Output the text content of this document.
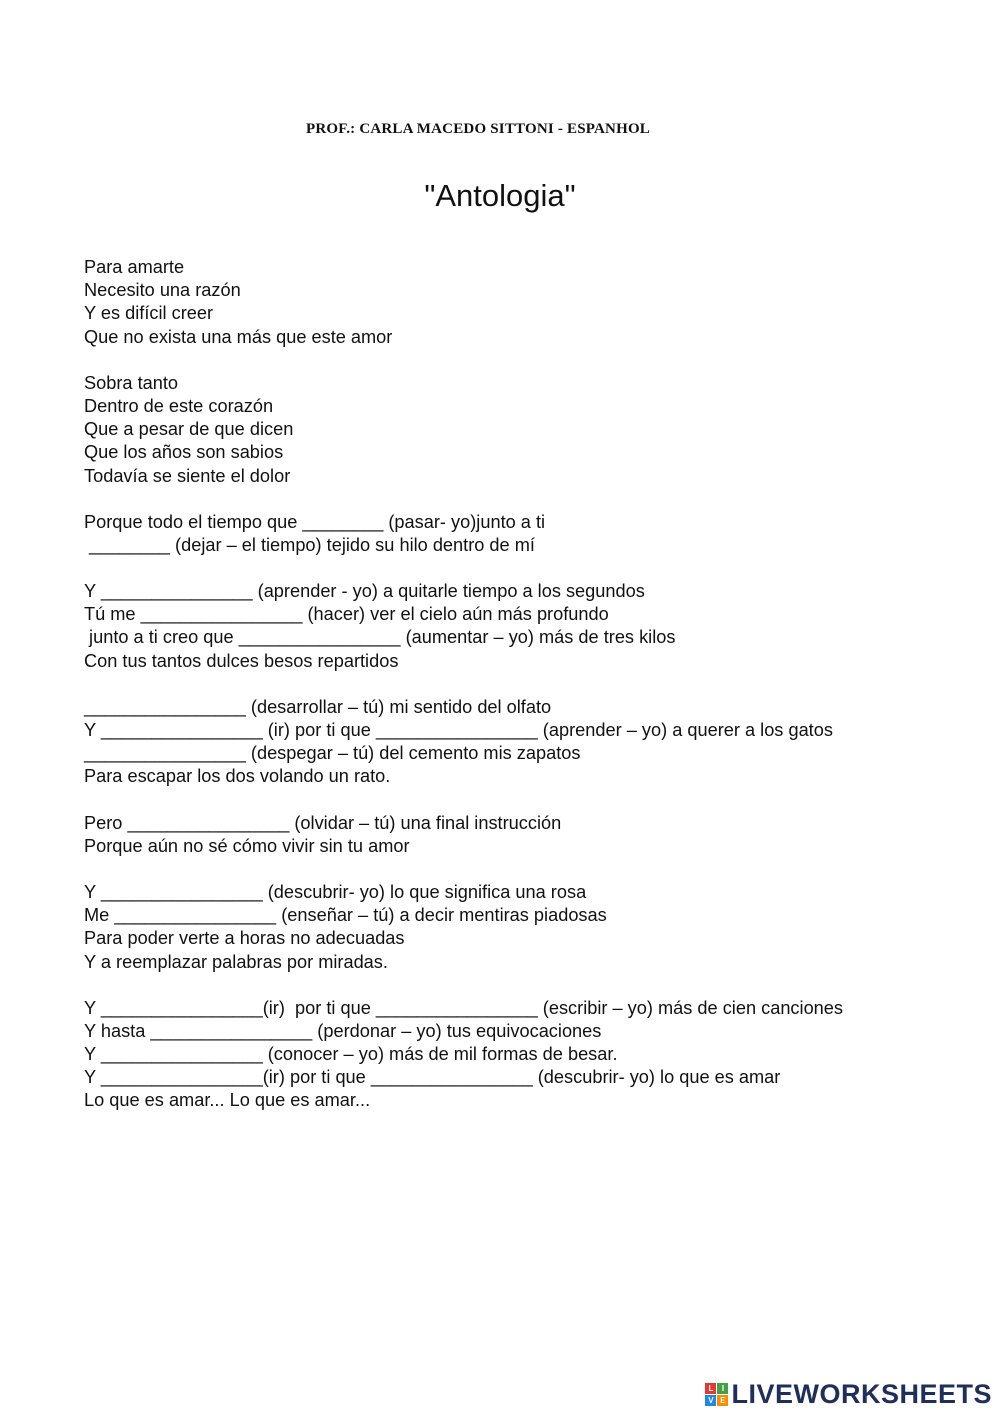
PROF.: CARLA MACEDO SITTONI - ESPANHOL
"Antologia"
Para amarte
Necesito una razón
Y es difícil creer
Que no exista una más que este amor
Sobra tanto
Dentro de este corazón
Que a pesar de que dicen
Que los años son sabios
Todavía se siente el dolor
Porque todo el tiempo que ________ (pasar- yo)junto a ti
________ (dejar – el tiempo) tejido su hilo dentro de mí
Y _______________ (aprender - yo) a quitarle tiempo a los segundos
Tú me ________________ (hacer) ver el cielo aún más profundo
junto a ti creo que ________________ (aumentar – yo) más de tres kilos
Con tus tantos dulces besos repartidos
________________ (desarrollar – tú) mi sentido del olfato
Y ________________ (ir) por ti que ________________ (aprender – yo) a querer a los gatos
________________ (despegar – tú) del cemento mis zapatos
Para escapar los dos volando un rato.
Pero ________________ (olvidar – tú) una final instrucción
Porque aún no sé cómo vivir sin tu amor
Y ________________ (descubrir- yo) lo que significa una rosa
Me ________________ (enseñar – tú) a decir mentiras piadosas
Para poder verte a horas no adecuadas
Y a reemplazar palabras por miradas.
Y ________________(ir)  por ti que ________________ (escribir – yo) más de cien canciones
Y hasta ________________ (perdonar – yo) tus equivocaciones
Y ________________ (conocer – yo) más de mil formas de besar.
Y ________________(ir) por ti que ________________ (descubrir- yo) lo que es amar
Lo que es amar... Lo que es amar...
L	I
V E LIVEWORKSHEETS
